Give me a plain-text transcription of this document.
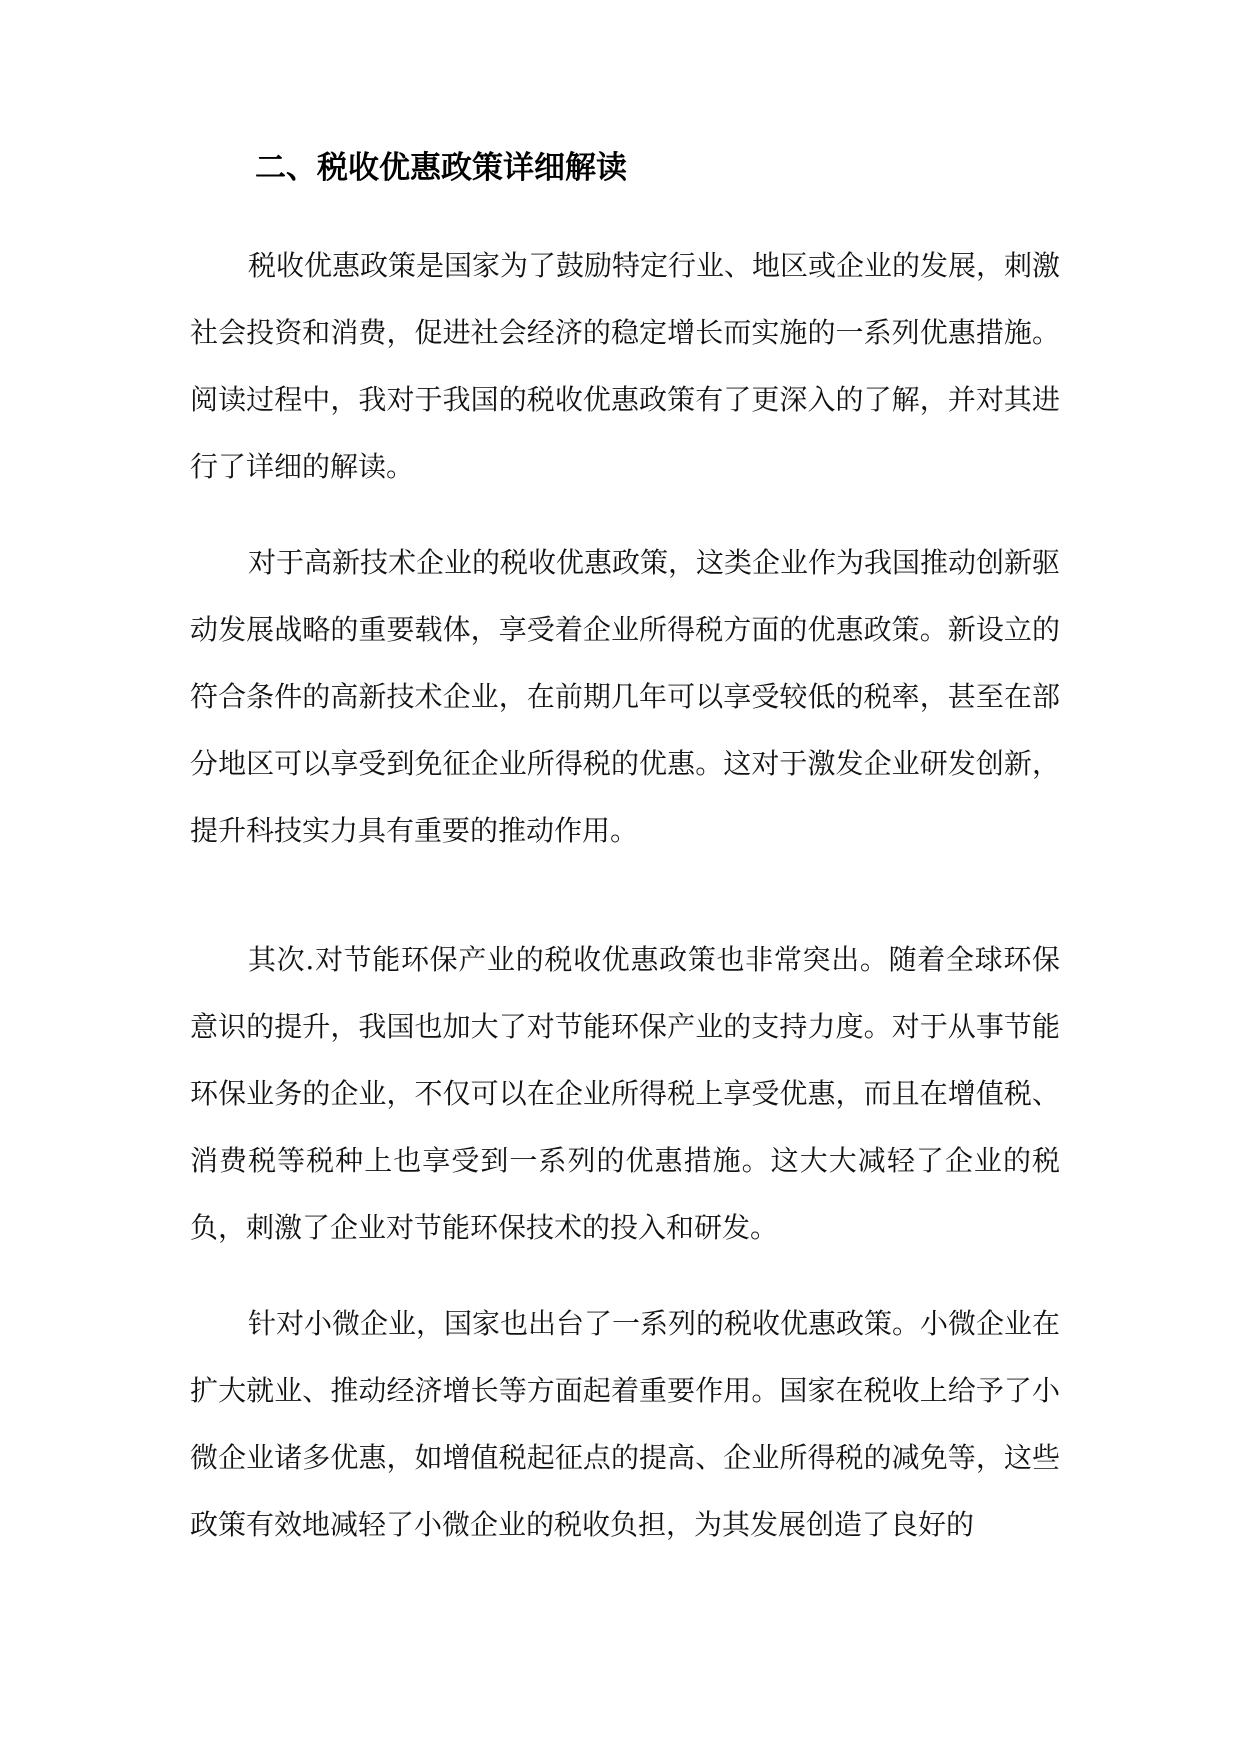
二、税收优惠政策详细解读

税收优惠政策是国家为了鼓励特定行业、地区或企业的发展，刺激社会投资和消费，促进社会经济的稳定增长而实施的一系列优惠措施。阅读过程中，我对于我国的税收优惠政策有了更深入的了解，并对其进行了详细的解读。

对于高新技术企业的税收优惠政策，这类企业作为我国推动创新驱动发展战略的重要载体，享受着企业所得税方面的优惠政策。新设立的符合条件的高新技术企业，在前期几年可以享受较低的税率，甚至在部分地区可以享受到免征企业所得税的优惠。这对于激发企业研发创新，提升科技实力具有重要的推动作用。

其次.对节能环保产业的税收优惠政策也非常突出。随着全球环保意识的提升，我国也加大了对节能环保产业的支持力度。对于从事节能环保业务的企业，不仅可以在企业所得税上享受优惠，而且在增值税、消费税等税种上也享受到一系列的优惠措施。这大大减轻了企业的税负，刺激了企业对节能环保技术的投入和研发。

针对小微企业，国家也出台了一系列的税收优惠政策。小微企业在扩大就业、推动经济增长等方面起着重要作用。国家在税收上给予了小微企业诸多优惠，如增值税起征点的提高、企业所得税的减免等，这些政策有效地减轻了小微企业的税收负担，为其发展创造了良好的
